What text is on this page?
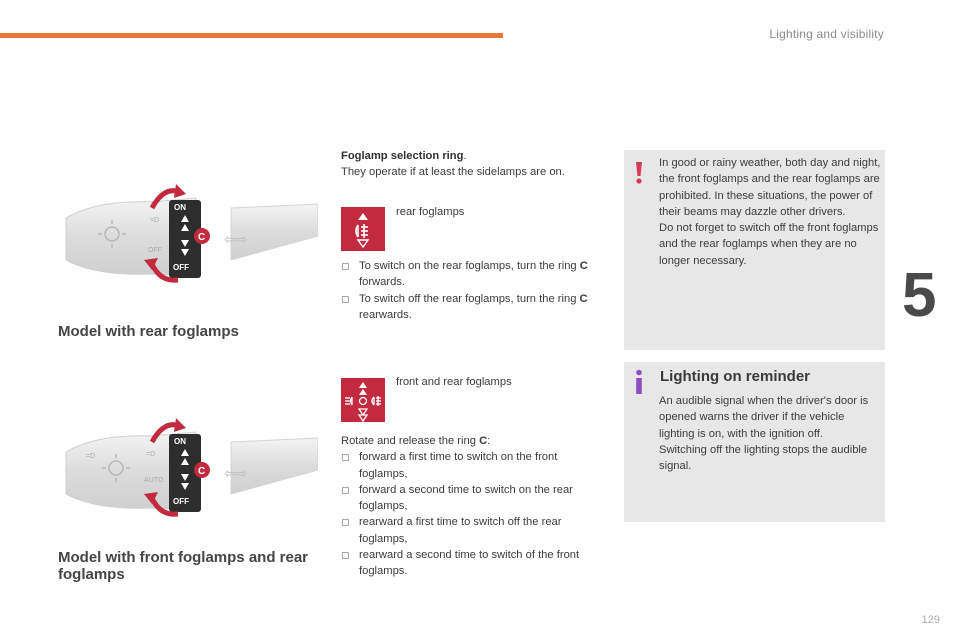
Lighting and visibility
5
129
=D
OFF
ON
OFF
C ⇦⇨
Model with rear foglamps
=D	=D
AUTO
ON
OFF
C ⇦⇨
Model with front foglamps and rear foglamps
Foglamp selection ring.
They operate if at least the sidelamps are on.
rear foglamps
▢ To switch on the rear foglamps, turn the ring C forwards.
▢ To switch off the rear foglamps, turn the ring C rearwards.
front and rear foglamps
Rotate and release the ring C:
▢ forward a first time to switch on the front foglamps,
▢ forward a second time to switch on the rear foglamps,
▢ rearward a first time to switch off the rear foglamps,
▢ rearward a second time to switch of the front foglamps.
In good or rainy weather, both day and night, the front foglamps and the rear foglamps are prohibited. In these situations, the power of their beams may dazzle other drivers.
Do not forget to switch off the front foglamps and the rear foglamps when they are no longer necessary.
Lighting on reminder
An audible signal when the driver's door is opened warns the driver if the vehicle lighting is on, with the ignition off.
Switching off the lighting stops the audible signal.
